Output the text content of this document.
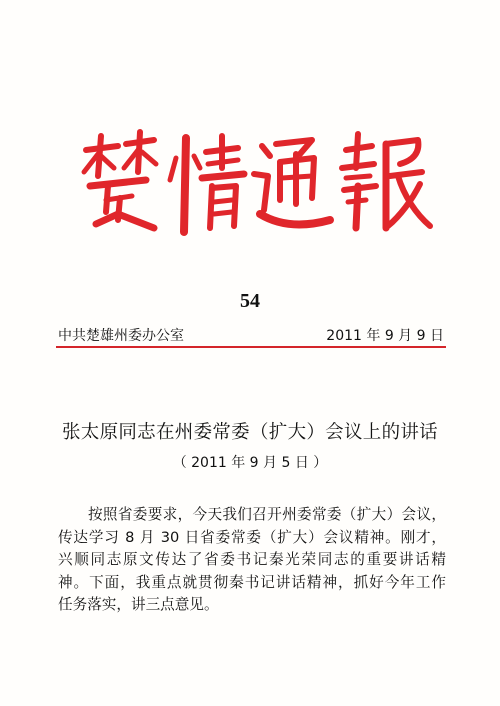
54
中共楚雄州委办公室	2011 年 9 月 9 日
张太原同志在州委常委（扩大）会议上的讲话
（ 2011 年 9 月 5 日 ）
按照省委要求，今天我们召开州委常委（扩大）会议，
传达学习 8 月 30 日省委常委（扩大）会议精神。刚才，
兴顺同志原文传达了省委书记秦光荣同志的重要讲话精
神。下面，我重点就贯彻秦书记讲话精神，抓好今年工作
任务落实，讲三点意见。
